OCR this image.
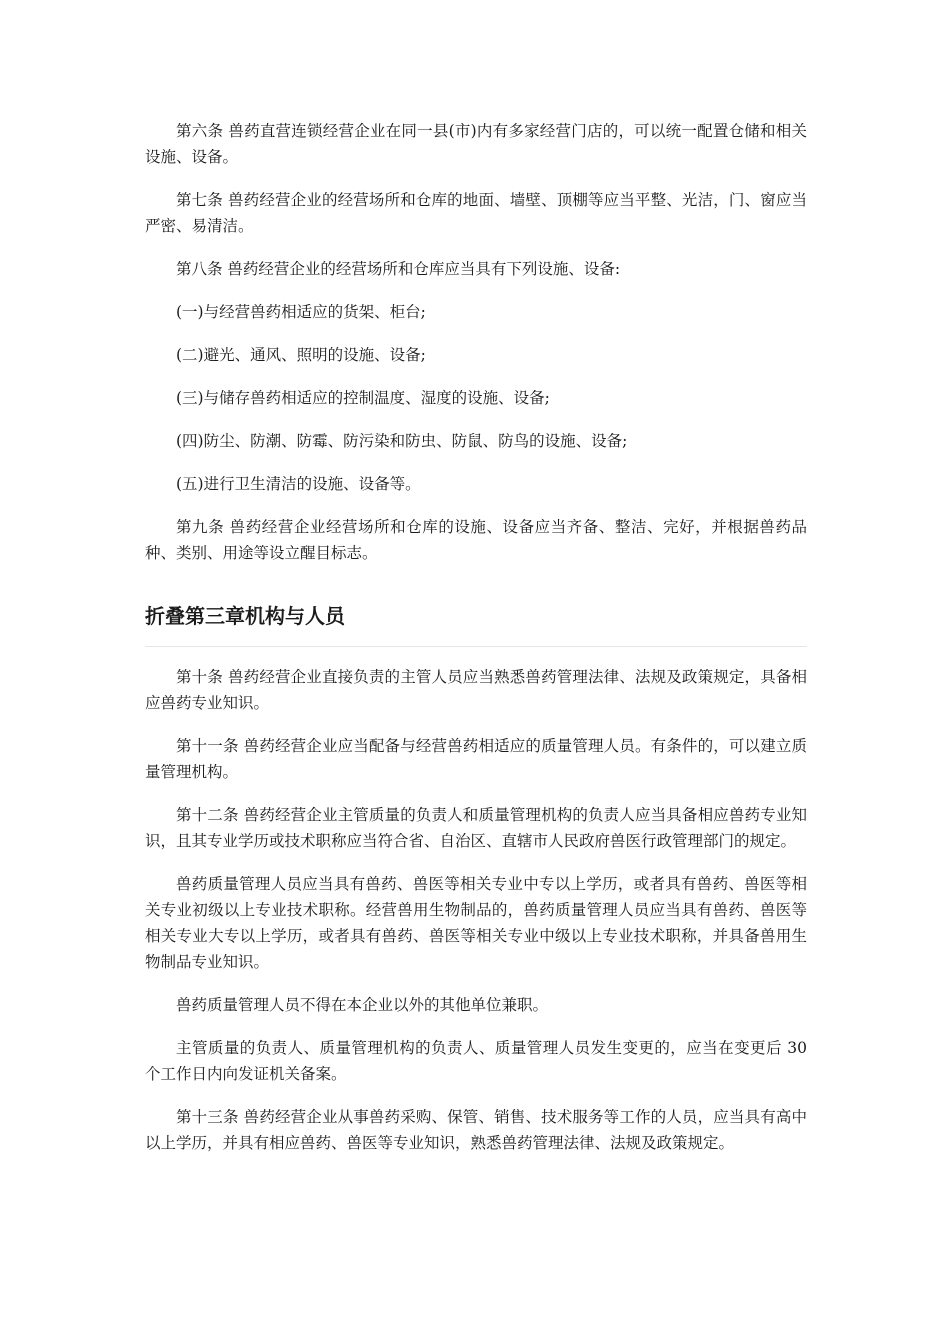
第六条 兽药直营连锁经营企业在同一县(市)内有多家经营门店的，可以统一配置仓储和相关设施、设备。

第七条 兽药经营企业的经营场所和仓库的地面、墙壁、顶棚等应当平整、光洁，门、窗应当严密、易清洁。

第八条 兽药经营企业的经营场所和仓库应当具有下列设施、设备:

(一)与经营兽药相适应的货架、柜台;

(二)避光、通风、照明的设施、设备;

(三)与储存兽药相适应的控制温度、湿度的设施、设备;

(四)防尘、防潮、防霉、防污染和防虫、防鼠、防鸟的设施、设备;

(五)进行卫生清洁的设施、设备等。

第九条 兽药经营企业经营场所和仓库的设施、设备应当齐备、整洁、完好，并根据兽药品种、类别、用途等设立醒目标志。

折叠第三章机构与人员

第十条 兽药经营企业直接负责的主管人员应当熟悉兽药管理法律、法规及政策规定，具备相应兽药专业知识。

第十一条 兽药经营企业应当配备与经营兽药相适应的质量管理人员。有条件的，可以建立质量管理机构。

第十二条 兽药经营企业主管质量的负责人和质量管理机构的负责人应当具备相应兽药专业知识，且其专业学历或技术职称应当符合省、自治区、直辖市人民政府兽医行政管理部门的规定。

兽药质量管理人员应当具有兽药、兽医等相关专业中专以上学历，或者具有兽药、兽医等相关专业初级以上专业技术职称。经营兽用生物制品的，兽药质量管理人员应当具有兽药、兽医等相关专业大专以上学历，或者具有兽药、兽医等相关专业中级以上专业技术职称，并具备兽用生物制品专业知识。

兽药质量管理人员不得在本企业以外的其他单位兼职。

主管质量的负责人、质量管理机构的负责人、质量管理人员发生变更的，应当在变更后 30 个工作日内向发证机关备案。

第十三条 兽药经营企业从事兽药采购、保管、销售、技术服务等工作的人员，应当具有高中以上学历，并具有相应兽药、兽医等专业知识，熟悉兽药管理法律、法规及政策规定。
